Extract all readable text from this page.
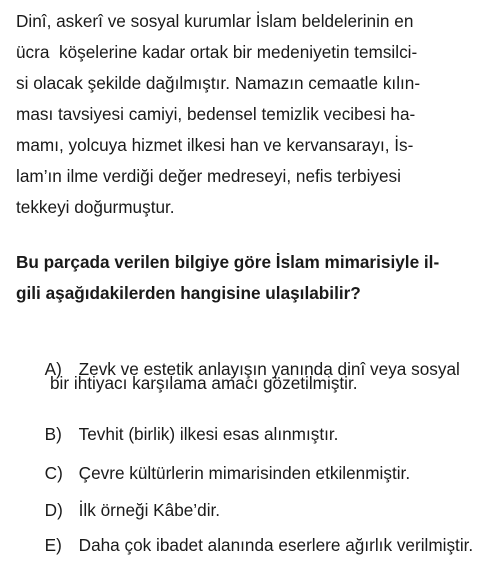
Dinî, askerî ve sosyal kurumlar İslam beldelerinin en
ücra  köşelerine kadar ortak bir medeniyetin temsilci-
si olacak şekilde dağılmıştır. Namazın cemaatle kılın-
ması tavsiyesi camiyi, bedensel temizlik vecibesi ha-
mamı, yolcuya hizmet ilkesi han ve kervansarayı, İs-
lam’ın ilme verdiği değer medreseyi, nefis terbiyesi
tekkeyi doğurmuştur.
Bu parçada verilen bilgiye göre İslam mimarisiyle il-
gili aşağıdakilerden hangisine ulaşılabilir?

A) Zevk ve estetik anlayışın yanında dinî veya sosyal

bir ihtiyacı karşılama amacı gözetilmiştir.

B) Tevhit (birlik) ilkesi esas alınmıştır.

C) Çevre kültürlerin mimarisinden etkilenmiştir.

D) İlk örneği Kâbe’dir.

E) Daha çok ibadet alanında eserlere ağırlık verilmiştir.
